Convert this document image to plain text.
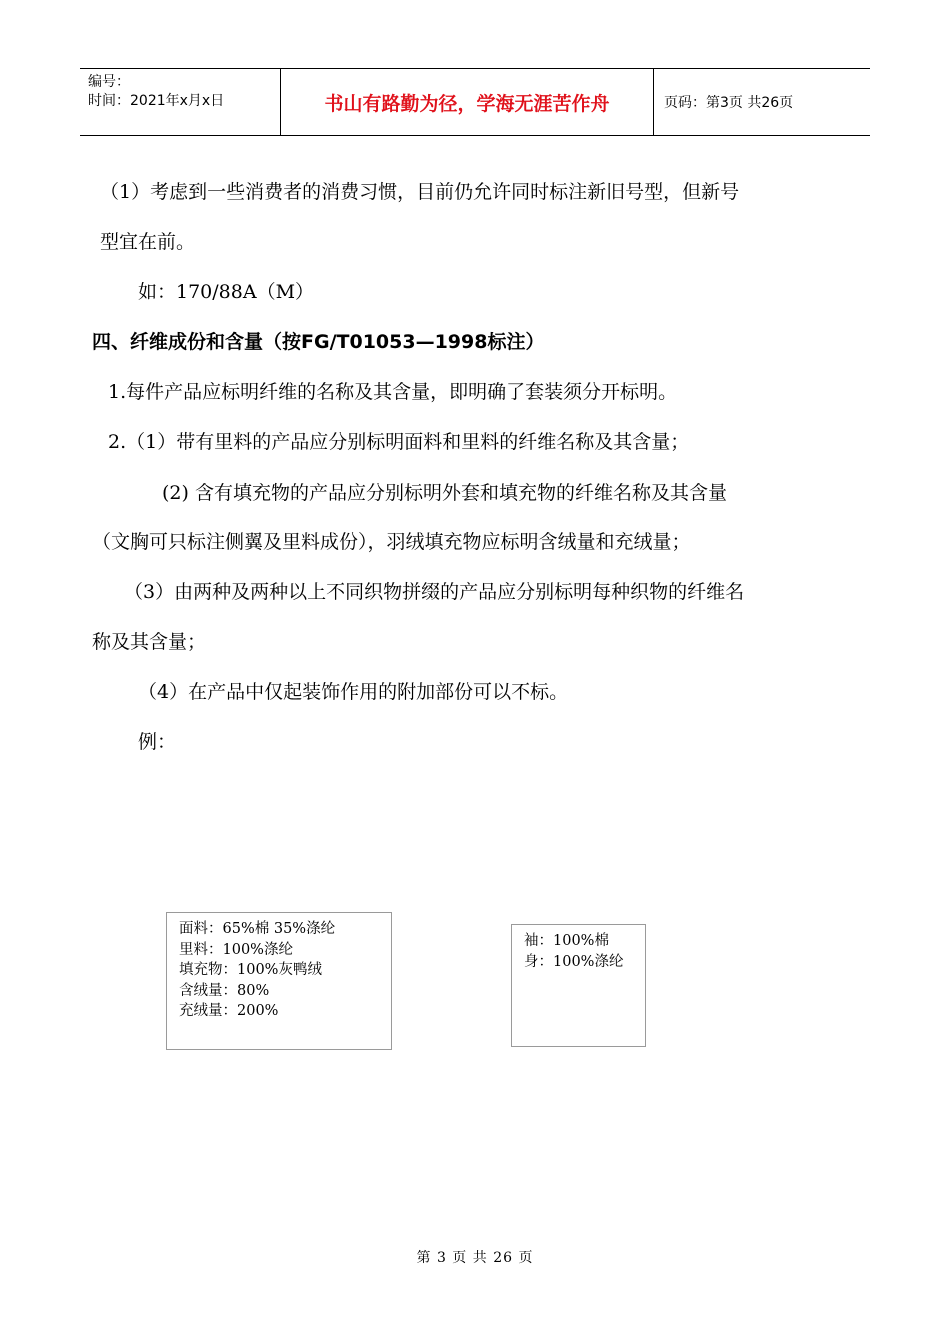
编号：
时间：2021年x月x日	书山有路勤为径，学海无涯苦作舟	页码：第3页 共26页
（1）考虑到一些消费者的消费习惯，目前仍允许同时标注新旧号型，但新号
型宜在前。
如：170/88A（M）
四、纤维成份和含量（按FG/T01053—1998标注）
1.每件产品应标明纤维的名称及其含量，即明确了套装须分开标明。
2.（1）带有里料的产品应分别标明面料和里料的纤维名称及其含量；
(2) 含有填充物的产品应分别标明外套和填充物的纤维名称及其含量
（文胸可只标注侧翼及里料成份），羽绒填充物应标明含绒量和充绒量；
（3）由两种及两种以上不同织物拼缀的产品应分别标明每种织物的纤维名
称及其含量；
（4）在产品中仅起装饰作用的附加部份可以不标。
例：
面料：65%棉 35%涤纶
里料：100%涤纶
填充物：100%灰鸭绒
含绒量：80%
充绒量：200%
袖：100%棉
身：100%涤纶
第 3 页 共 26 页
